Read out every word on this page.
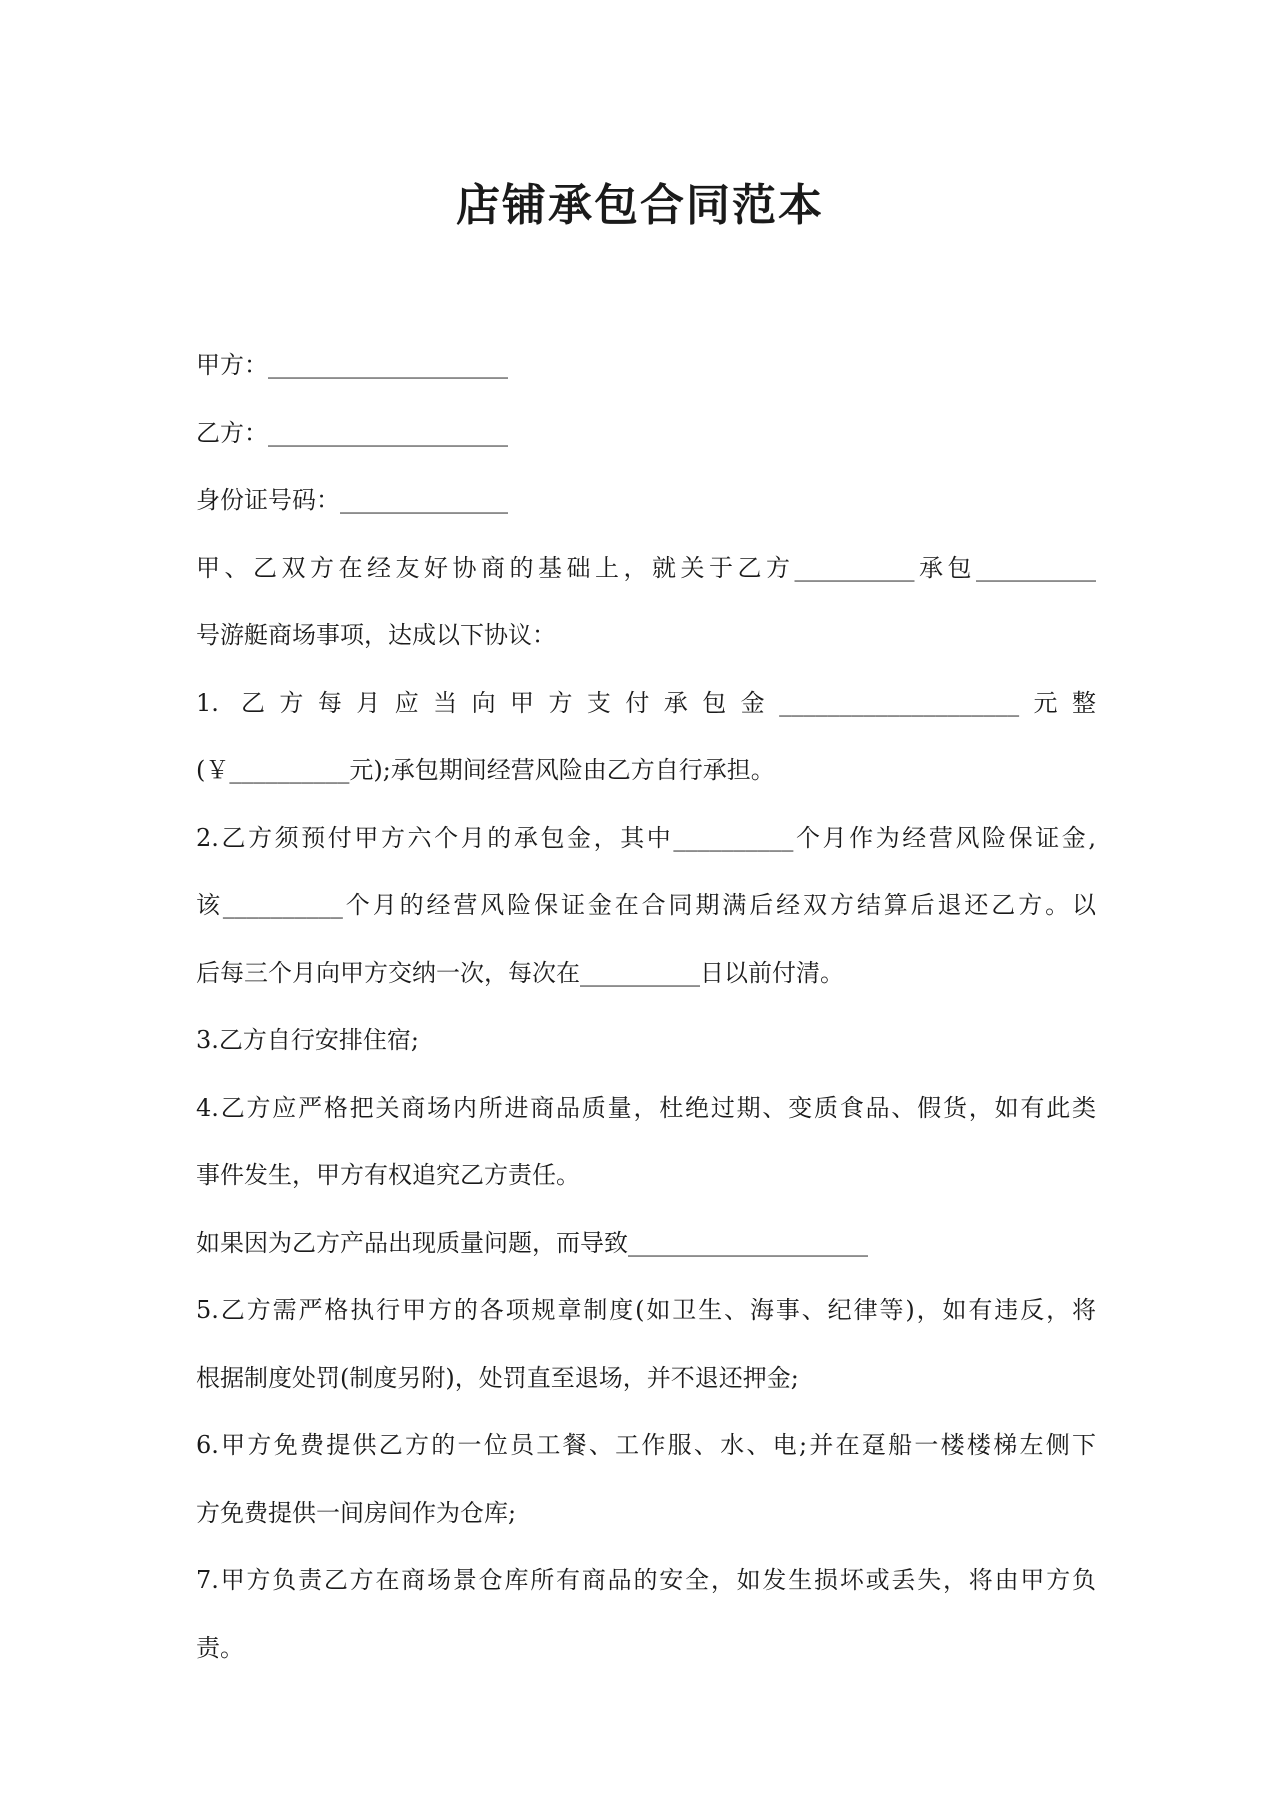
店铺承包合同范本

甲方：____________________

乙方：____________________

身份证号码：______________

甲、乙双方在经友好协商的基础上，就关于乙方__________承包__________

号游艇商场事项，达成以下协议：

1. 乙方每月应当向甲方支付承包金____________________元整

(￥__________元);承包期间经营风险由乙方自行承担。

2.乙方须预付甲方六个月的承包金，其中__________个月作为经营风险保证金,

该__________个月的经营风险保证金在合同期满后经双方结算后退还乙方。以

后每三个月向甲方交纳一次，每次在__________日以前付清。

3.乙方自行安排住宿;

4.乙方应严格把关商场内所进商品质量，杜绝过期、变质食品、假货，如有此类

事件发生，甲方有权追究乙方责任。

如果因为乙方产品出现质量问题，而导致____________________

5.乙方需严格执行甲方的各项规章制度(如卫生、海事、纪律等)，如有违反，将

根据制度处罚(制度另附)，处罚直至退场，并不退还押金;

6.甲方免费提供乙方的一位员工餐、工作服、水、电;并在趸船一楼楼梯左侧下

方免费提供一间房间作为仓库;

7.甲方负责乙方在商场景仓库所有商品的安全，如发生损坏或丢失，将由甲方负

责。
